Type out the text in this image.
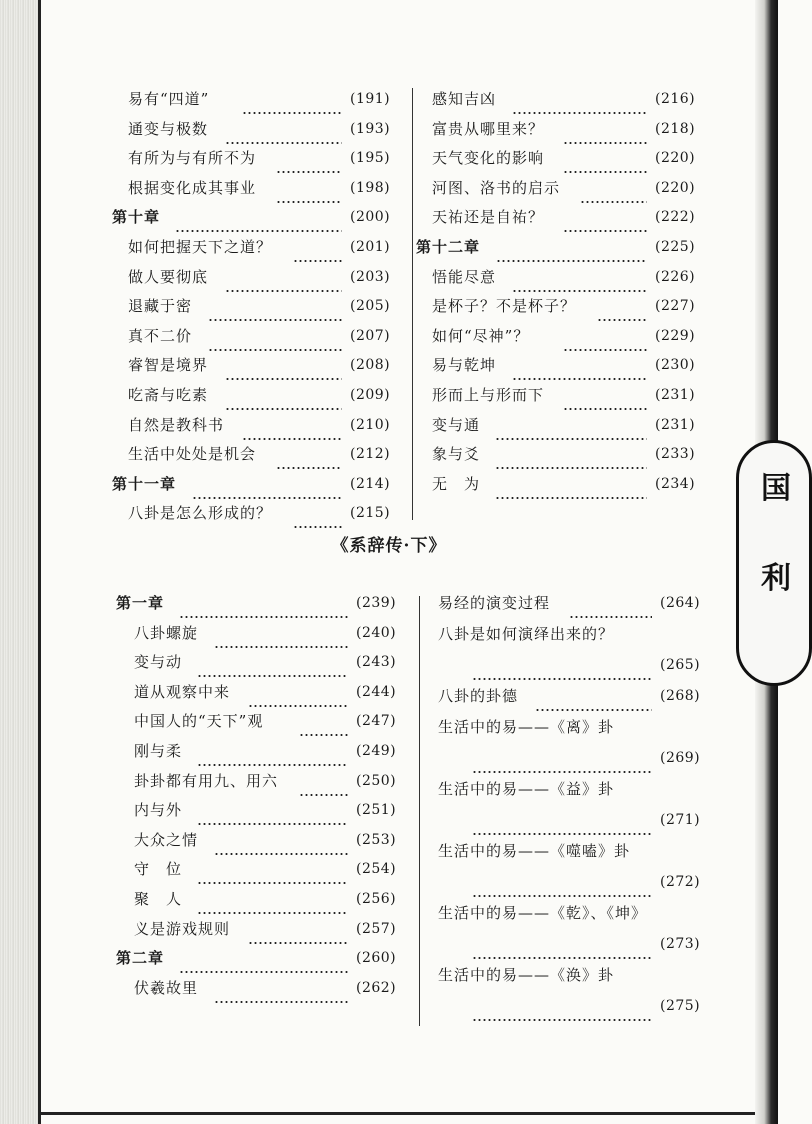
国
利
易有“四道”	(191)
通变与极数	(193)
有所为与有所不为	(195)
根据变化成其事业	(198)
第十章	(200)
如何把握天下之道？	(201)
做人要彻底	(203)
退藏于密	(205)
真不二价	(207)
睿智是境界	(208)
吃斋与吃素	(209)
自然是教科书	(210)
生活中处处是机会	(212)
第十一章	(214)
八卦是怎么形成的？	(215)
感知吉凶	(216)
富贵从哪里来？	(218)
天气变化的影响	(220)
河图、洛书的启示	(220)
天祐还是自祐？	(222)
第十二章	(225)
悟能尽意	(226)
是杯子？不是杯子？	(227)
如何“尽神”？	(229)
易与乾坤	(230)
形而上与形而下	(231)
变与通	(231)
象与爻	(233)
无　为	(234)
《系辞传·下》
第一章	(239)
八卦螺旋	(240)
变与动	(243)
道从观察中来	(244)
中国人的“天下”观	(247)
刚与柔	(249)
卦卦都有用九、用六	(250)
内与外	(251)
大众之情	(253)
守　位	(254)
聚　人	(256)
义是游戏规则	(257)
第二章	(260)
伏羲故里	(262)
易经的演变过程	(264)
八卦是如何演绎出来的？
(265)
八卦的卦德	(268)
生活中的易——《离》卦
(269)
生活中的易——《益》卦
(271)
生活中的易——《噬嗑》卦
(272)
生活中的易——《乾》、《坤》
(273)
生活中的易——《涣》卦
(275)
